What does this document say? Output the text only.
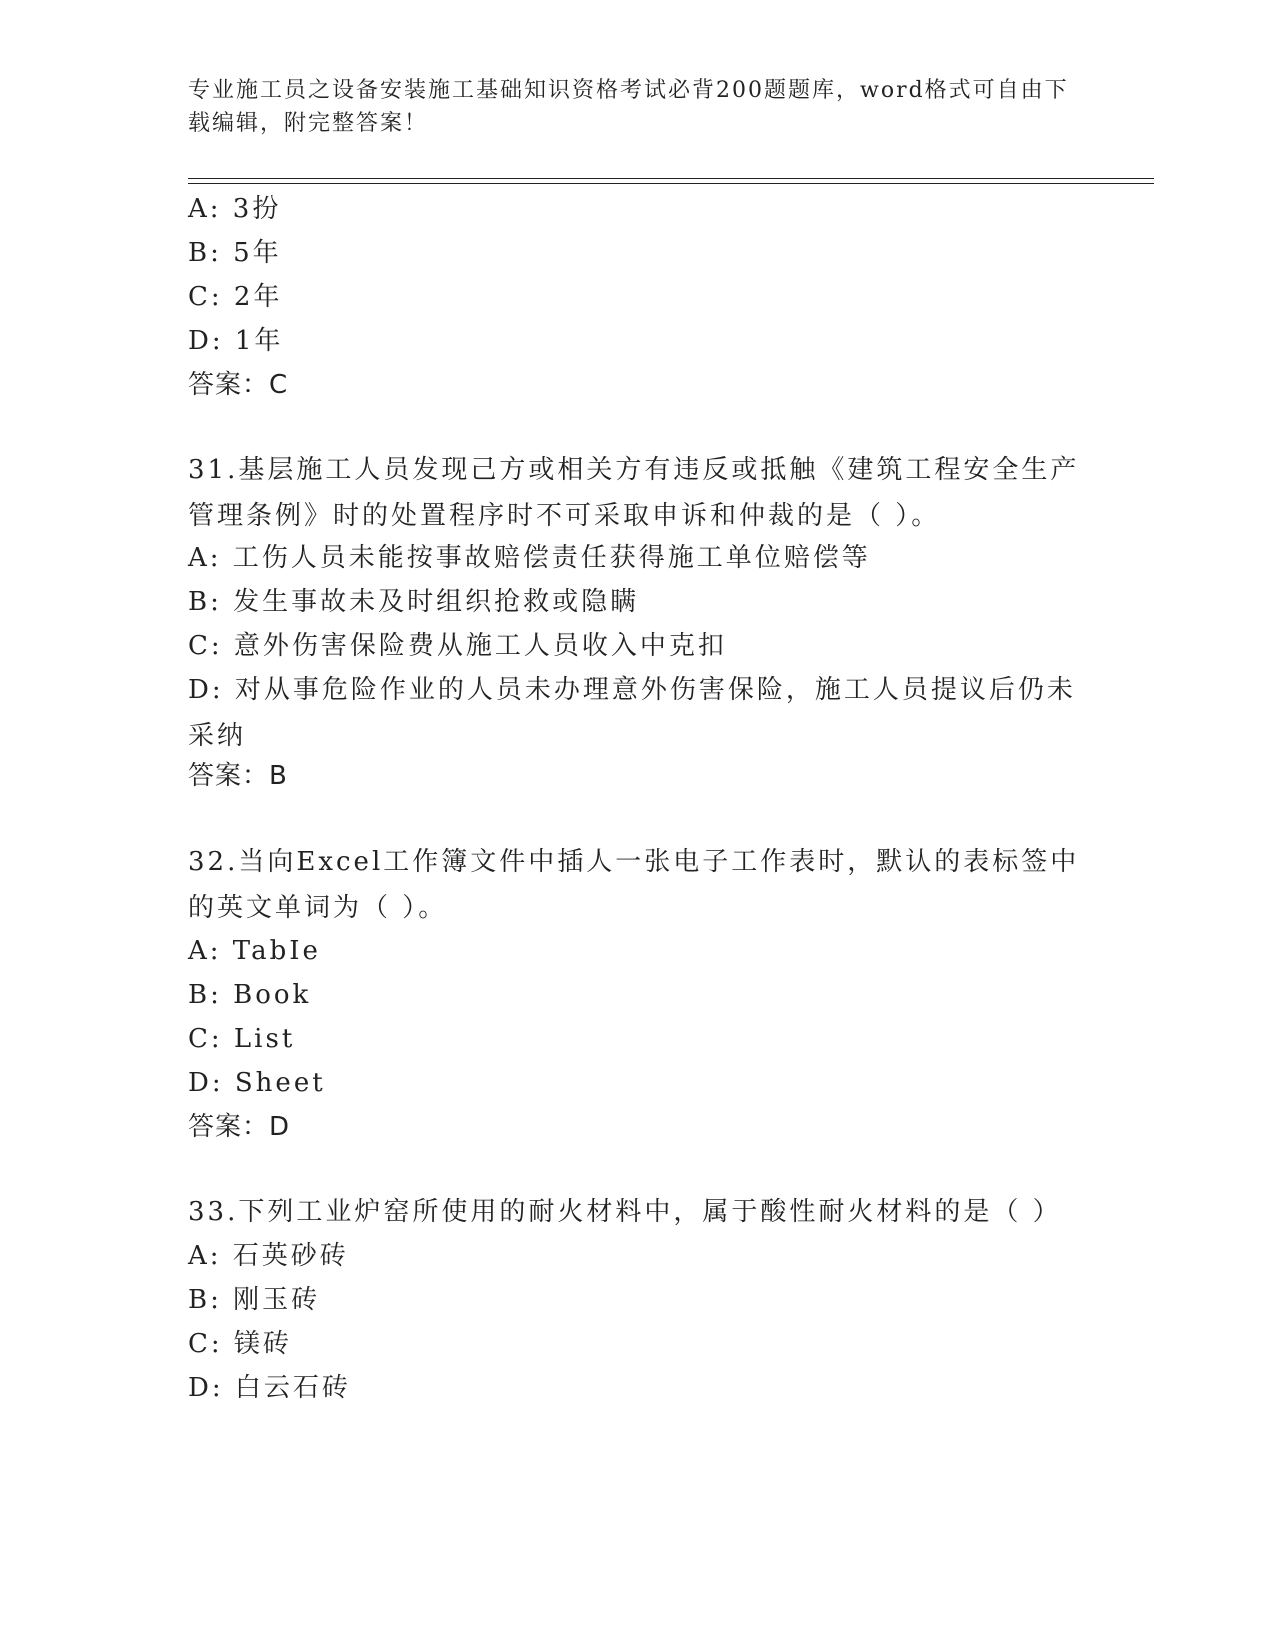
专业施工员之设备安装施工基础知识资格考试必背200题题库，word格式可自由下载编辑，附完整答案！
A: 3扮
B: 5年
C: 2年
D: 1年
答案：C
31.基层施工人员发现己方或相关方有违反或抵触《建筑工程安全生产管理条例》时的处置程序时不可采取申诉和仲裁的是（ ）。
A: 工伤人员未能按事故赔偿责任获得施工单位赔偿等
B: 发生事故未及时组织抢救或隐瞒
C: 意外伤害保险费从施工人员收入中克扣
D: 对从事危险作业的人员未办理意外伤害保险，施工人员提议后仍未采纳
答案：B
32.当向Excel工作簿文件中插人一张电子工作表时，默认的表标签中的英文单词为（ ）。
A: TabIe
B: Book
C: List
D: Sheet
答案：D
33.下列工业炉窑所使用的耐火材料中，属于酸性耐火材料的是（ ）
A: 石英砂砖
B: 刚玉砖
C: 镁砖
D: 白云石砖
